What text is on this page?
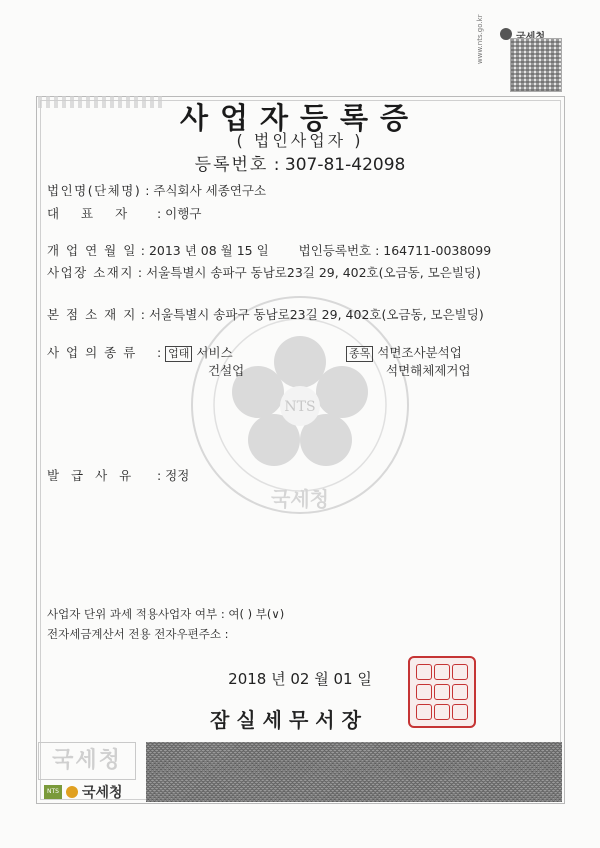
www.nts.go.kr
사업자등록증
( 법인사업자 )
등록번호 : 307-81-42098
NTS
국세청
법인명(단체명) : 주식회사 세종연구소
대 표 자 : 이행구
개 업 연 월 일 : 2013 년 08 월 15 일 법인등록번호 : 164711-0038099
사업장 소재지 : 서울특별시 송파구 동남로23길 29, 402호(오금동, 모은빌딩)
본 점 소 재 지 : 서울특별시 송파구 동남로23길 29, 402호(오금동, 모은빌딩)
사 업 의 종 류 : 업태 서비스	종목 석면조사분석업
건설업	석면해체제거업
발 급 사 유 : 정정
사업자 단위 과세 적용사업자 여부 : 여( ) 부(∨)
전자세금계산서 전용 전자우편주소 :
2018 년 02 월 01 일
잠실세무서장
국세청
NTS 국세청
